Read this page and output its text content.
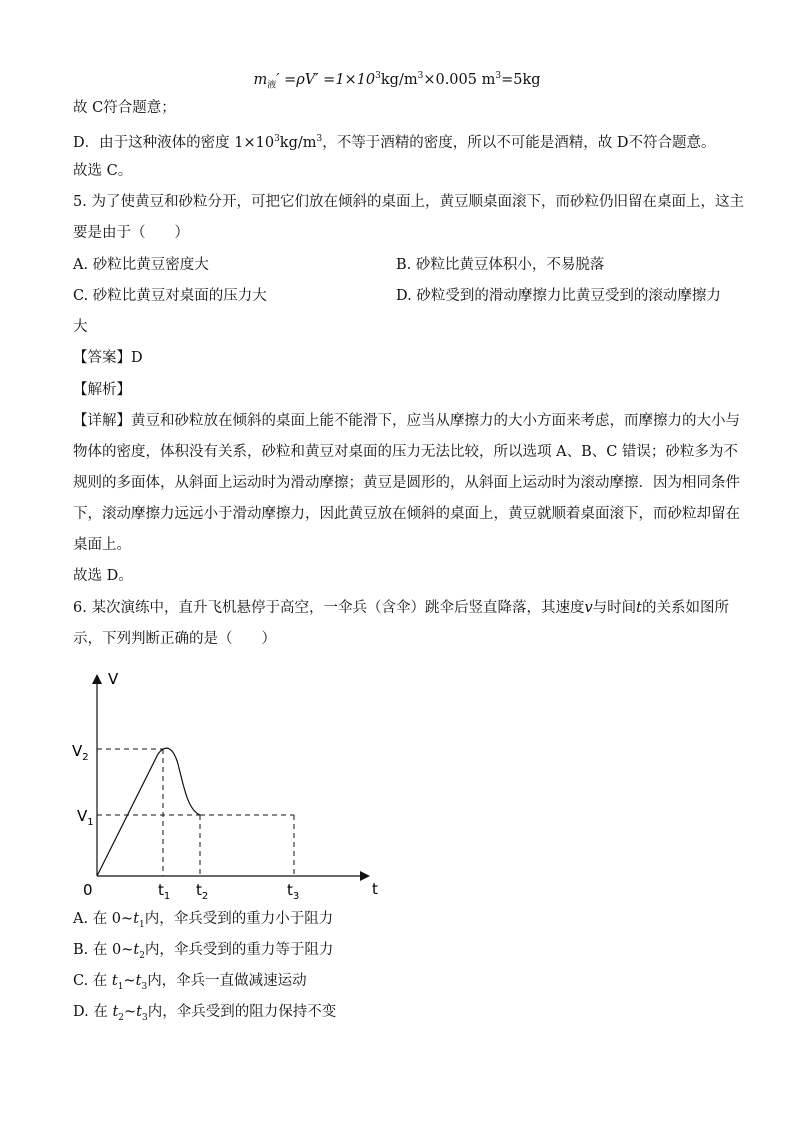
$m_液' =\rho V' =1\times 10^3kg/m^3\times 0.005$ $m^3=5kg$
故 C符合题意；
D．由于这种液体的密度 $1\times 10^3kg/m^3$，不等于酒精的密度，所以不可能是酒精，故 D不符合题意。
故选 C。
5. 为了使黄豆和砂粒分开，可把它们放在倾斜的桌面上，黄豆顺桌面滚下，而砂粒仍旧留在桌面上，这主
要是由于（　　）
A. 砂粒比黄豆密度大	B. 砂粒比黄豆体积小，不易脱落
C. 砂粒比黄豆对桌面的压力大	D. 砂粒受到的滑动摩擦力比黄豆受到的滚动摩擦力
大
【答案】D
【解析】
【详解】黄豆和砂粒放在倾斜的桌面上能不能滑下，应当从摩擦力的大小方面来考虑，而摩擦力的大小与
物体的密度，体积没有关系，砂粒和黄豆对桌面的压力无法比较，所以选项 A、B、C 错误；砂粒多为不
规则的多面体，从斜面上运动时为滑动摩擦；黄豆是圆形的，从斜面上运动时为滚动摩擦．因为相同条件
下，滚动摩擦力远远小于滑动摩擦力，因此黄豆放在倾斜的桌面上，黄豆就顺着桌面滚下，而砂粒却留在
桌面上。
故选 D。
6. 某次演练中，直升飞机悬停于高空，一伞兵（含伞）跳伞后竖直降落，其速度v与时间t的关系如图所
示，下列判断正确的是（　　）
V
$V_2$
$V_1$
0	$t_1$ $t_2$	$t_3$	t
A. 在 $0\sim t_1$内，伞兵受到的重力小于阻力
B. 在 $0\sim t_2$内，伞兵受到的重力等于阻力
C. 在 $t_1\sim t_3$内，伞兵一直做减速运动
D. 在 $t_2\sim t_3$内，伞兵受到的阻力保持不变
